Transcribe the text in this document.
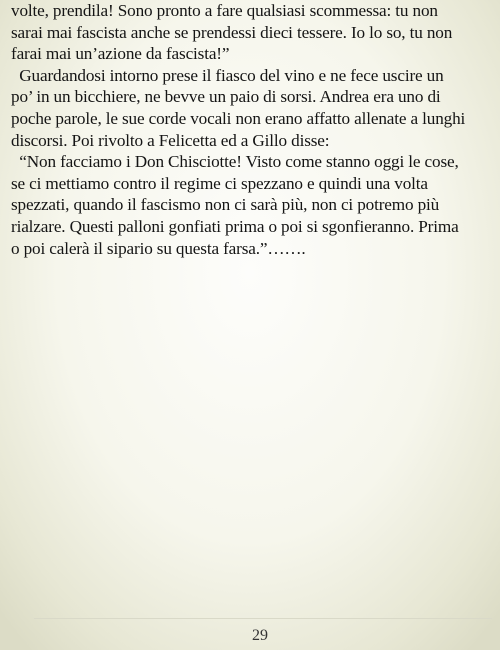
volte, prendila! Sono pronto a fare qualsiasi scommessa: tu non
sarai mai fascista anche se prendessi dieci tessere. Io lo so, tu non
farai mai un’azione da fascista!”
Guardandosi intorno prese il fiasco del vino e ne fece uscire un
po’ in un bicchiere, ne bevve un paio di sorsi. Andrea era uno di
poche parole, le sue corde vocali non erano affatto allenate a lunghi
discorsi. Poi rivolto a Felicetta ed a Gillo disse:
“Non facciamo i Don Chisciotte! Visto come stanno oggi le cose,
se ci mettiamo contro il regime ci spezzano e quindi una volta
spezzati, quando il fascismo non ci sarà più, non ci potremo più
rialzare. Questi palloni gonfiati prima o poi si sgonfieranno. Prima
o poi calerà il sipario su questa farsa.”…….
29
